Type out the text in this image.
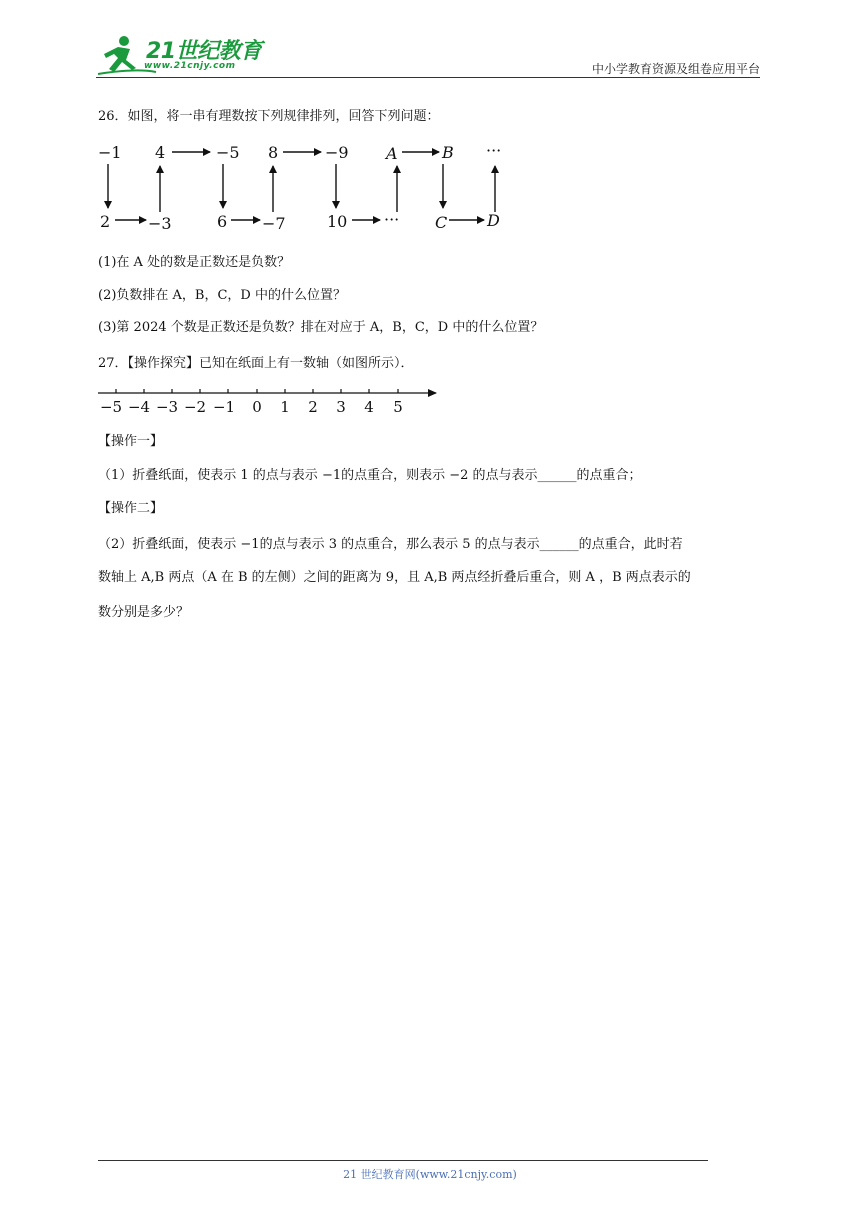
21世纪教育
www.21cnjy.com	中小学教育资源及组卷应用平台
26．如图，将一串有理数按下列规律排列，回答下列问题：
−1 4	−5 8	−9 A	B ···
2 −3	6 −7	10 ··· C D
(1)在 A 处的数是正数还是负数？
(2)负数排在 A，B，C，D 中的什么位置？
(3)第 2024 个数是正数还是负数？排在对应于 A，B，C，D 中的什么位置？
27．【操作探究】已知在纸面上有一数轴（如图所示）．
−5 −4 −3 −2 −1 0 1 2 3 4 5
【操作一】
（1）折叠纸面，使表示 1 的点与表示 −1的点重合，则表示 −2 的点与表示______的点重合；
【操作二】
（2）折叠纸面，使表示 −1的点与表示 3 的点重合，那么表示 5 的点与表示______的点重合，此时若
数轴上 A,B 两点（A 在 B 的左侧）之间的距离为 9，且 A,B 两点经折叠后重合，则 A ，B 两点表示的
数分别是多少？
21 世纪教育网(www.21cnjy.com)
